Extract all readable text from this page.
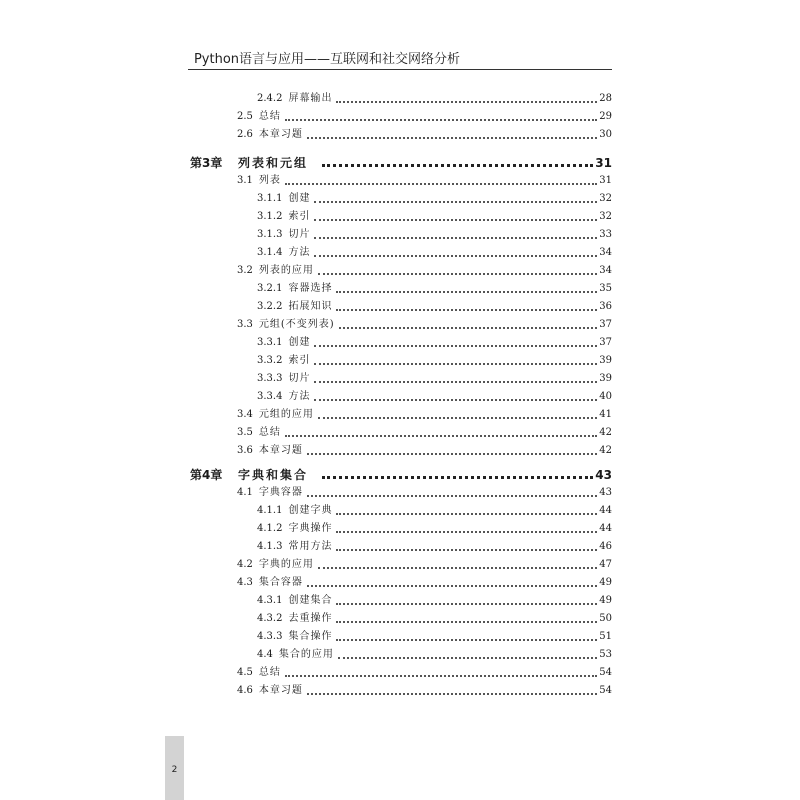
Python语言与应用——互联网和社交网络分析
2.4.2 屏幕输出	28
2.5 总结	29
2.6 本章习题	30
第3章	列表和元组	31
3.1 列表	31
3.1.1 创建	32
3.1.2 索引	32
3.1.3 切片	33
3.1.4 方法	34
3.2 列表的应用	34
3.2.1 容器选择	35
3.2.2 拓展知识	36
3.3 元组(不变列表)	37
3.3.1 创建	37
3.3.2 索引	39
3.3.3 切片	39
3.3.4 方法	40
3.4 元组的应用	41
3.5 总结	42
3.6 本章习题	42
第4章	字典和集合	43
4.1 字典容器	43
4.1.1 创建字典	44
4.1.2 字典操作	44
4.1.3 常用方法	46
4.2 字典的应用	47
4.3 集合容器	49
4.3.1 创建集合	49
4.3.2 去重操作	50
4.3.3 集合操作	51
4.4 集合的应用	53
4.5 总结	54
4.6 本章习题	54
2
